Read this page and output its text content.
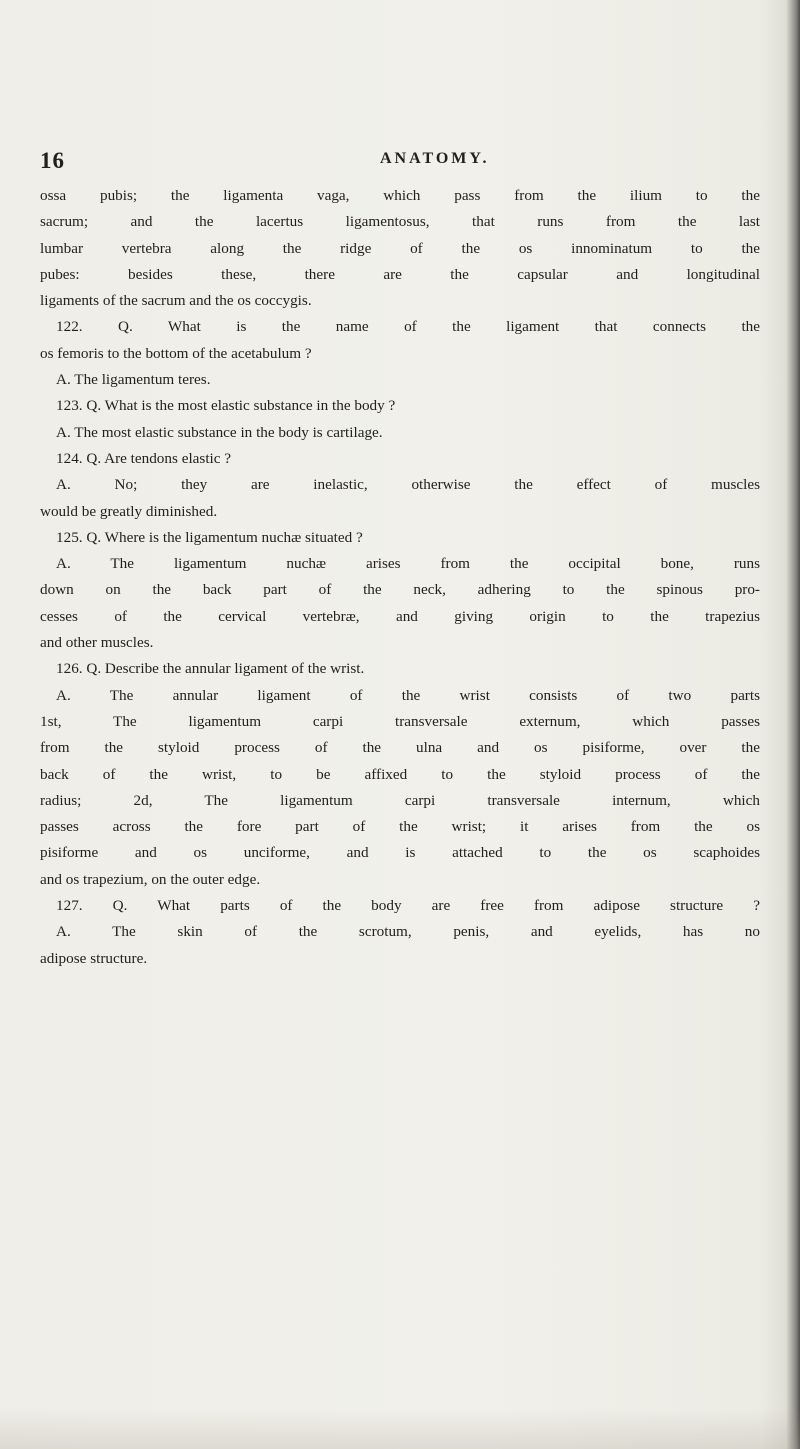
16	ANATOMY.

ossa pubis; the ligamenta vaga, which pass from the ilium to the

sacrum; and the lacertus ligamentosus, that runs from the last

lumbar vertebra along the ridge of the os innominatum to the

pubes: besides these, there are the capsular and longitudinal

ligaments of the sacrum and the os coccygis.

122. Q. What is the name of the ligament that connects the

os femoris to the bottom of the acetabulum ?

A. The ligamentum teres.

123. Q. What is the most elastic substance in the body ?

A. The most elastic substance in the body is cartilage.

124. Q. Are tendons elastic ?

A. No; they are inelastic, otherwise the effect of muscles

would be greatly diminished.

125. Q. Where is the ligamentum nuchæ situated ?

A. The ligamentum nuchæ arises from the occipital bone, runs

down on the back part of the neck, adhering to the spinous pro-

cesses of the cervical vertebræ, and giving origin to the trapezius

and other muscles.

126. Q. Describe the annular ligament of the wrist.

A. The annular ligament of the wrist consists of two parts

1st, The ligamentum carpi transversale externum, which passes

from the styloid process of the ulna and os pisiforme, over the

back of the wrist, to be affixed to the styloid process of the

radius; 2d, The ligamentum carpi transversale internum, which

passes across the fore part of the wrist; it arises from the os

pisiforme and os unciforme, and is attached to the os scaphoides

and os trapezium, on the outer edge.

127. Q. What parts of the body are free from adipose structure ?

A. The skin of the scrotum, penis, and eyelids, has no

adipose structure.
